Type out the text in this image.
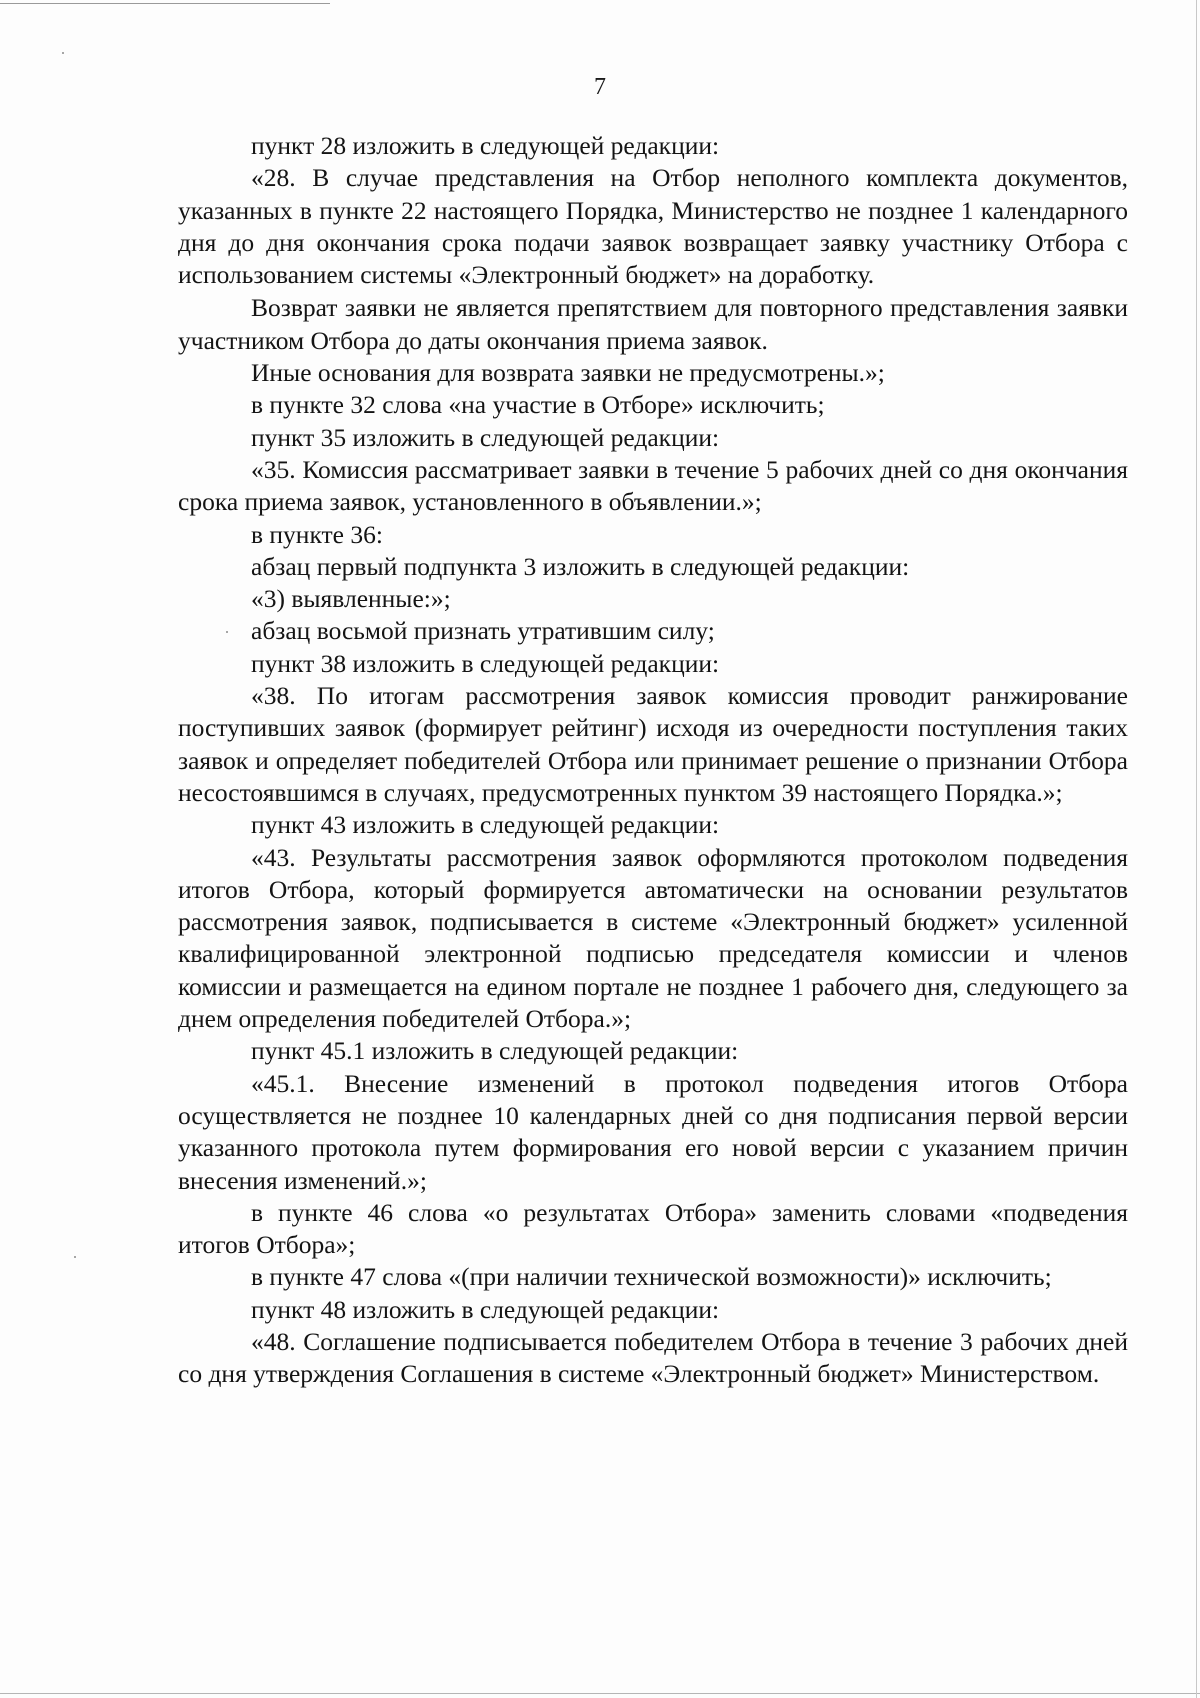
7

пункт 28 изложить в следующей редакции:

«28. В случае представления на Отбор неполного комплекта документов, указанных в пункте 22 настоящего Порядка, Министерство не позднее 1 календарного дня до дня окончания срока подачи заявок возвращает заявку участнику Отбора с использованием системы «Электронный бюджет» на доработку.

Возврат заявки не является препятствием для повторного представления заявки участником Отбора до даты окончания приема заявок.

Иные основания для возврата заявки не предусмотрены.»;

в пункте 32 слова «на участие в Отборе» исключить;

пункт 35 изложить в следующей редакции:

«35. Комиссия рассматривает заявки в течение 5 рабочих дней со дня окончания срока приема заявок, установленного в объявлении.»;

в пункте 36:

абзац первый подпункта 3 изложить в следующей редакции:

«3) выявленные:»;

абзац восьмой признать утратившим силу;

пункт 38 изложить в следующей редакции:

«38. По итогам рассмотрения заявок комиссия проводит ранжирование поступивших заявок (формирует рейтинг) исходя из очередности поступления таких заявок и определяет победителей Отбора или принимает решение о признании Отбора несостоявшимся в случаях, предусмотренных пунктом 39 настоящего Порядка.»;

пункт 43 изложить в следующей редакции:

«43. Результаты рассмотрения заявок оформляются протоколом подведения итогов Отбора, который формируется автоматически на основании результатов рассмотрения заявок, подписывается в системе «Электронный бюджет» усиленной квалифицированной электронной подписью председателя комиссии и членов комиссии и размещается на едином портале не позднее 1 рабочего дня, следующего за днем определения победителей Отбора.»;

пункт 45.1 изложить в следующей редакции:

«45.1. Внесение изменений в протокол подведения итогов Отбора осуществляется не позднее 10 календарных дней со дня подписания первой версии указанного протокола путем формирования его новой версии с указанием причин внесения изменений.»;

в пункте 46 слова «о результатах Отбора» заменить словами «подведения итогов Отбора»;

в пункте 47 слова «(при наличии технической возможности)» исключить;

пункт 48 изложить в следующей редакции:

«48. Соглашение подписывается победителем Отбора в течение 3 рабочих дней со дня утверждения Соглашения в системе «Электронный бюджет» Министерством.
